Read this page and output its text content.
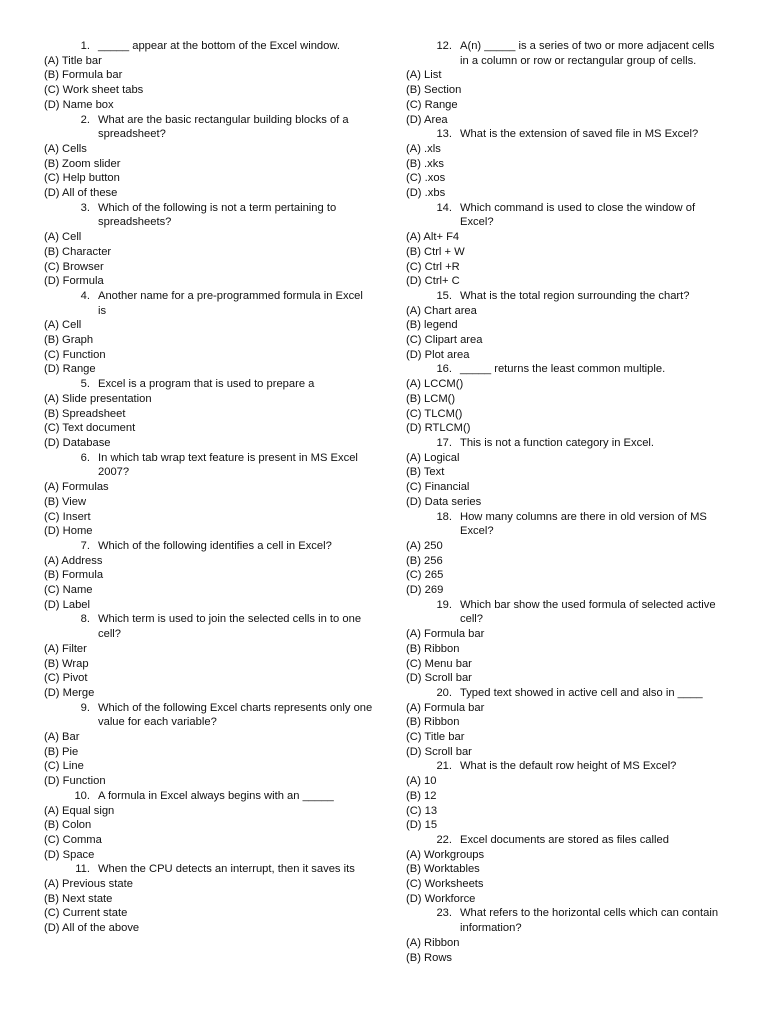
1. _____ appear at the bottom of the Excel window.
(A) Title bar
(B) Formula bar
(C) Work sheet tabs
(D) Name box
2. What are the basic rectangular building blocks of a spreadsheet?
(A) Cells
(B) Zoom slider
(C) Help button
(D) All of these
3. Which of the following is not a term pertaining to spreadsheets?
(A) Cell
(B) Character
(C) Browser
(D) Formula
4. Another name for a pre-programmed formula in Excel is
(A) Cell
(B) Graph
(C) Function
(D) Range
5. Excel is a program that is used to prepare a
(A) Slide presentation
(B) Spreadsheet
(C) Text document
(D) Database
6. In which tab wrap text feature is present in MS Excel 2007?
(A) Formulas
(B) View
(C) Insert
(D) Home
7. Which of the following identifies a cell in Excel?
(A) Address
(B) Formula
(C) Name
(D) Label
8. Which term is used to join the selected cells in to one cell?
(A) Filter
(B) Wrap
(C) Pivot
(D) Merge
9. Which of the following Excel charts represents only one value for each variable?
(A) Bar
(B) Pie
(C) Line
(D) Function
10. A formula in Excel always begins with an _____
(A) Equal sign
(B) Colon
(C) Comma
(D) Space
11. When the CPU detects an interrupt, then it saves its
(A) Previous state
(B) Next state
(C) Current state
(D) All of the above
12. A(n) _____ is a series of two or more adjacent cells in a column or row or rectangular group of cells.
(A) List
(B) Section
(C) Range
(D) Area
13. What is the extension of saved file in MS Excel?
(A) .xls
(B) .xks
(C) .xos
(D) .xbs
14. Which command is used to close the window of Excel?
(A) Alt+ F4
(B) Ctrl + W
(C) Ctrl +R
(D) Ctrl+ C
15. What is the total region surrounding the chart?
(A) Chart area
(B) legend
(C) Clipart area
(D) Plot area
16. _____ returns the least common multiple.
(A) LCCM()
(B) LCM()
(C) TLCM()
(D) RTLCM()
17. This is not a function category in Excel.
(A) Logical
(B) Text
(C) Financial
(D) Data series
18. How many columns are there in old version of MS Excel?
(A) 250
(B) 256
(C) 265
(D) 269
19. Which bar show the used formula of selected active cell?
(A) Formula bar
(B) Ribbon
(C) Menu bar
(D) Scroll bar
20. Typed text showed in active cell and also in ____
(A) Formula bar
(B) Ribbon
(C) Title bar
(D) Scroll bar
21. What is the default row height of MS Excel?
(A) 10
(B) 12
(C) 13
(D) 15
22. Excel documents are stored as files called
(A) Workgroups
(B) Worktables
(C) Worksheets
(D) Workforce
23. What refers to the horizontal cells which can contain information?
(A) Ribbon
(B) Rows
